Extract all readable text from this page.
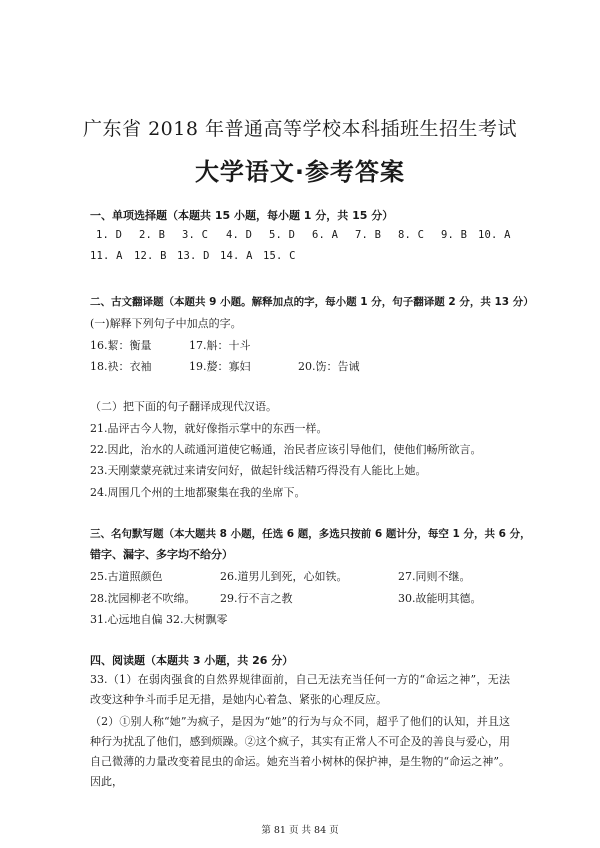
广东省 2018 年普通高等学校本科插班生招生考试
大学语文·参考答案
一、单项选择题（本题共 15 小题，每小题 1 分，共 15 分）
1. D 2. B 3. C 4. D 5. D 6. A 7. B 8. C 9. B 10. A
11. A 12. B 13. D 14. A 15. C
二、古文翻译题（本题共 9 小题。解释加点的字，每小题 1 分，句子翻译题 2 分，共 13 分）
(一)解释下列句子中加点的字。
16.絜：衡量	17.斛：十斗
18.袂：衣袖	19.嫠：寡妇	20.饬：告诫
（二）把下面的句子翻译成现代汉语。
21.品评古今人物，就好像指示掌中的东西一样。
22.因此，治水的人疏通河道使它畅通，治民者应该引导他们，使他们畅所欲言。
23.天刚蒙蒙亮就过来请安问好，做起针线活精巧得没有人能比上她。
24.周围几个州的土地都聚集在我的坐席下。
三、名句默写题（本大题共 8 小题，任选 6 题，多选只按前 6 题计分，每空 1 分，共 6 分，
错字、漏字、多字均不给分）
25.古道照颜色	26.道男儿到死，心如铁。	27.同则不继。
28.沈园柳老不吹绵。 29.行不言之教	30.故能明其德。
31.心远地自偏 32.大树飘零
四、阅读题（本题共 3 小题，共 26 分）
33.（1）在弱肉强食的自然界规律面前，自己无法充当任何一方的“命运之神”，无法改变这种争斗而手足无措，是她内心着急、紧张的心理反应。
（2）①别人称“她”为疯子，是因为“她”的行为与众不同，超乎了他们的认知，并且这种行为扰乱了他们，感到烦躁。②这个疯子，其实有正常人不可企及的善良与爱心，用自己微薄的力量改变着昆虫的命运。她充当着小树林的保护神，是生物的“命运之神”。因此，
第 81 页 共 84 页
